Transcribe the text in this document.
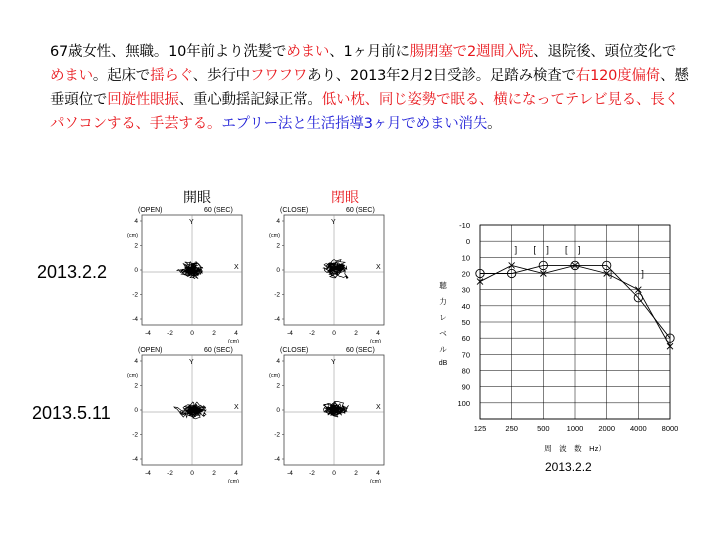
67歳女性、無職。10年前より洗髪でめまい、1ヶ月前に腸閉塞で2週間入院、退院後、頭位変化でめまい。起床で揺らぐ、歩行中フワフワあり、2013年2月2日受診。足踏み検査で右120度偏倚、懸垂頭位で回旋性眼振、重心動揺記録正常。低い枕、同じ姿勢で眠る、横になってテレビ見る、長くパソコンする、手芸する。エプリー法と生活指導3ヶ月でめまい消失。
開眼	閉眼
2013.2.2
2013.5.11
(OPEN)	60 (SEC)
Y
X
4
2
0
-2
-4
(cm)
-4 -2	0	2	4
(cm)
(CLOSE)	60 (SEC)
Y
X
4
2
0
-2
-4
(cm)
-4 -2	0	2	4
(cm)
(OPEN)	60 (SEC)
Y
X
4
2
0
-2
-4
(cm)
-4 -2	0	2	4
(cm)
(CLOSE)	60 (SEC)
Y
X
4
2
0
-2
-4
(cm)
-4 -2	0	2	4
(cm)
-10
0
10
20
30
40
50
60
70
80
90
100
125	250	500 1000 2000 4000 8000
聴
力
レ
ベ
ル
dB
周　波　数　Hz）
]	]
[	]
[
]	]
2013.2.2
